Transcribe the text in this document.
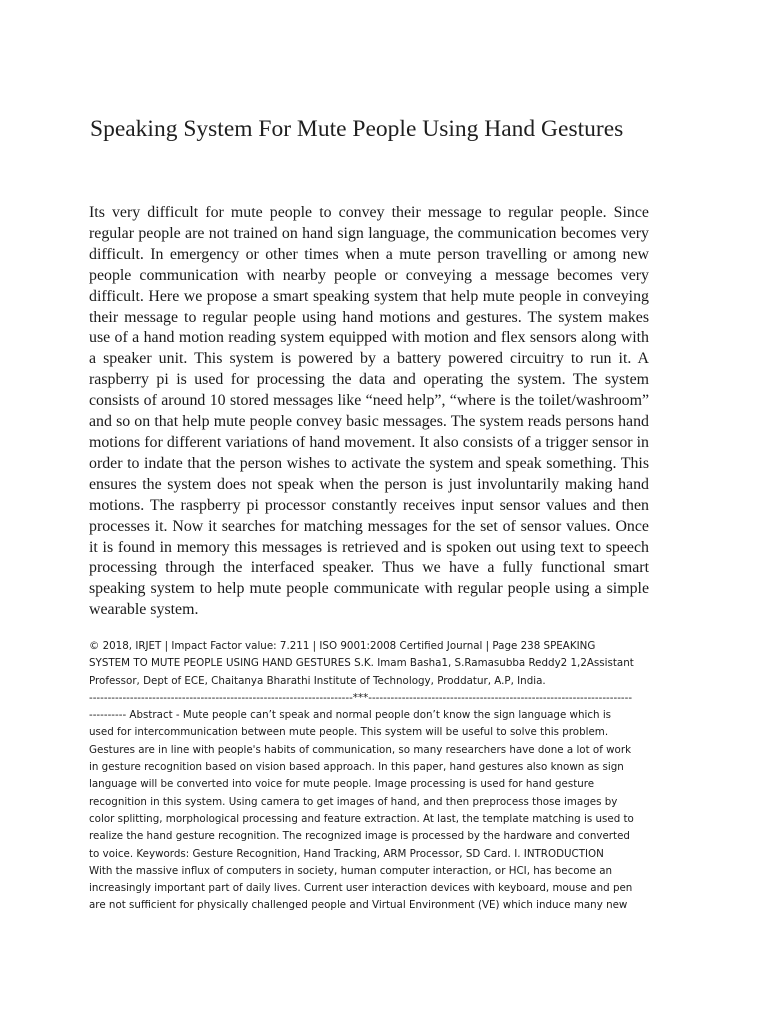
Speaking System For Mute People Using Hand Gestures
Its very difficult for mute people to convey their message to regular people. Since regular people are not trained on hand sign language, the communication becomes very difficult. In emergency or other times when a mute person travelling or among new people communication with nearby people or conveying a message becomes very difficult. Here we propose a smart speaking system that help mute people in conveying their message to regular people using hand motions and gestures. The system makes use of a hand motion reading system equipped with motion and flex sensors along with a speaker unit. This system is powered by a battery powered circuitry to run it. A raspberry pi is used for processing the data and operating the system. The system consists of around 10 stored messages like “need help”, “where is the toilet/washroom” and so on that help mute people convey basic messages. The system reads persons hand motions for different variations of hand movement. It also consists of a trigger sensor in order to indate that the person wishes to activate the system and speak something. This ensures the system does not speak when the person is just involuntarily making hand motions. The raspberry pi processor constantly receives input sensor values and then processes it. Now it searches for matching messages for the set of sensor values. Once it is found in memory this messages is retrieved and is spoken out using text to speech processing through the interfaced speaker. Thus we have a fully functional smart speaking system to help mute people communicate with regular people using a simple wearable system.
© 2018, IRJET | Impact Factor value: 7.211 | ISO 9001:2008 Certified Journal | Page 238 SPEAKING
SYSTEM TO MUTE PEOPLE USING HAND GESTURES S.K. Imam Basha1, S.Ramasubba Reddy2 1,2Assistant
Professor, Dept of ECE, Chaitanya Bharathi Institute of Technology, Proddatur, A.P, India.
-----------------------------------------------------------------------***-----------------------------------------------------------------------
---------- Abstract - Mute people can’t speak and normal people don’t know the sign language which is
used for intercommunication between mute people. This system will be useful to solve this problem.
Gestures are in line with people's habits of communication, so many researchers have done a lot of work
in gesture recognition based on vision based approach. In this paper, hand gestures also known as sign
language will be converted into voice for mute people. Image processing is used for hand gesture
recognition in this system. Using camera to get images of hand, and then preprocess those images by
color splitting, morphological processing and feature extraction. At last, the template matching is used to
realize the hand gesture recognition. The recognized image is processed by the hardware and converted
to voice. Keywords: Gesture Recognition, Hand Tracking, ARM Processor, SD Card. I. INTRODUCTION
With the massive influx of computers in society, human computer interaction, or HCI, has become an
increasingly important part of daily lives. Current user interaction devices with keyboard, mouse and pen
are not sufficient for physically challenged people and Virtual Environment (VE) which induce many new
